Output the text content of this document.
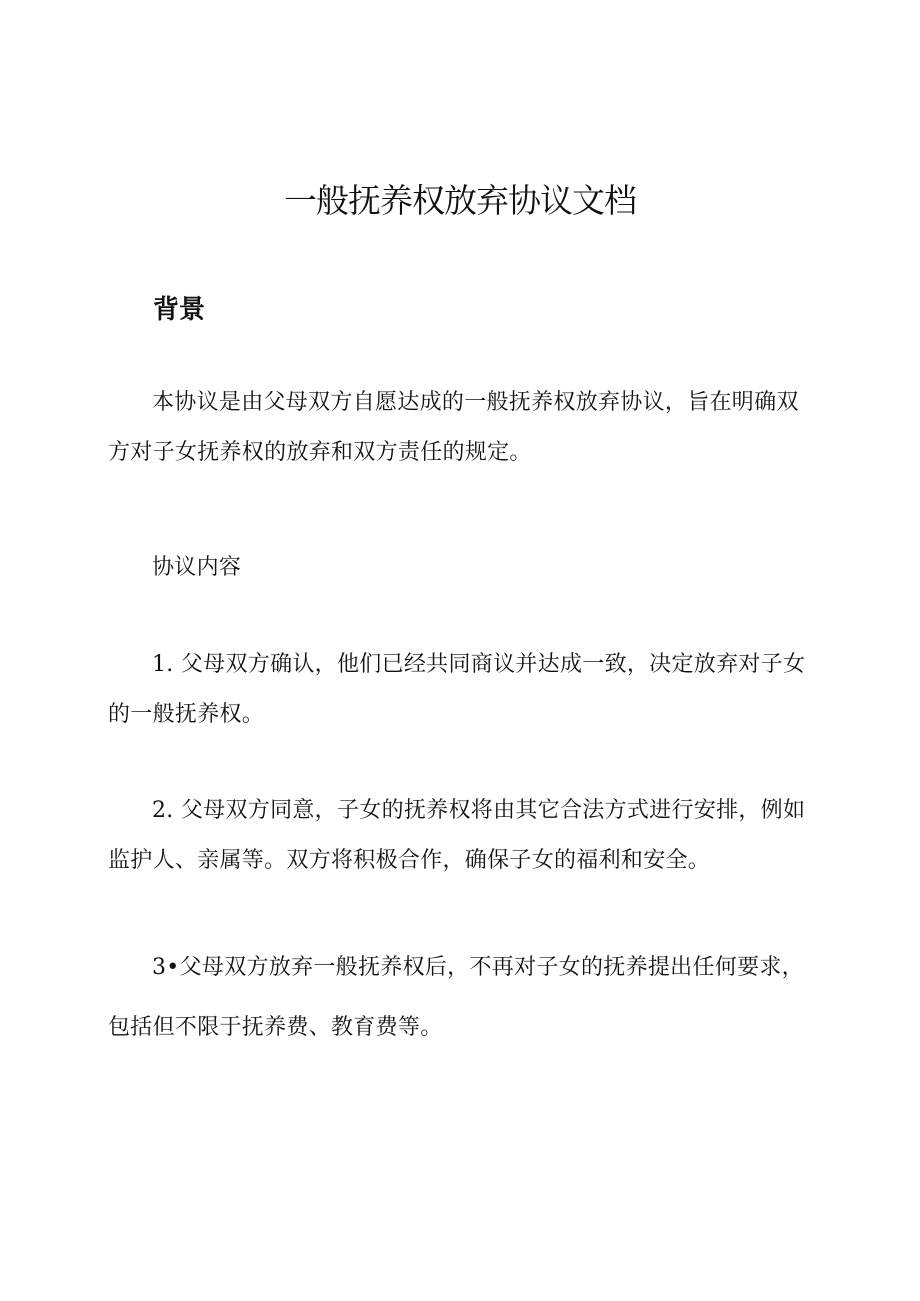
一般抚养权放弃协议文档
背景

本协议是由父母双方自愿达成的一般抚养权放弃协议，旨在明确双方对子女抚养权的放弃和双方责任的规定。

协议内容

1. 父母双方确认，他们已经共同商议并达成一致，决定放弃对子女的一般抚养权。

2. 父母双方同意，子女的抚养权将由其它合法方式进行安排，例如监护人、亲属等。双方将积极合作，确保子女的福利和安全。

3•父母双方放弃一般抚养权后，不再对子女的抚养提出任何要求，包括但不限于抚养费、教育费等。
